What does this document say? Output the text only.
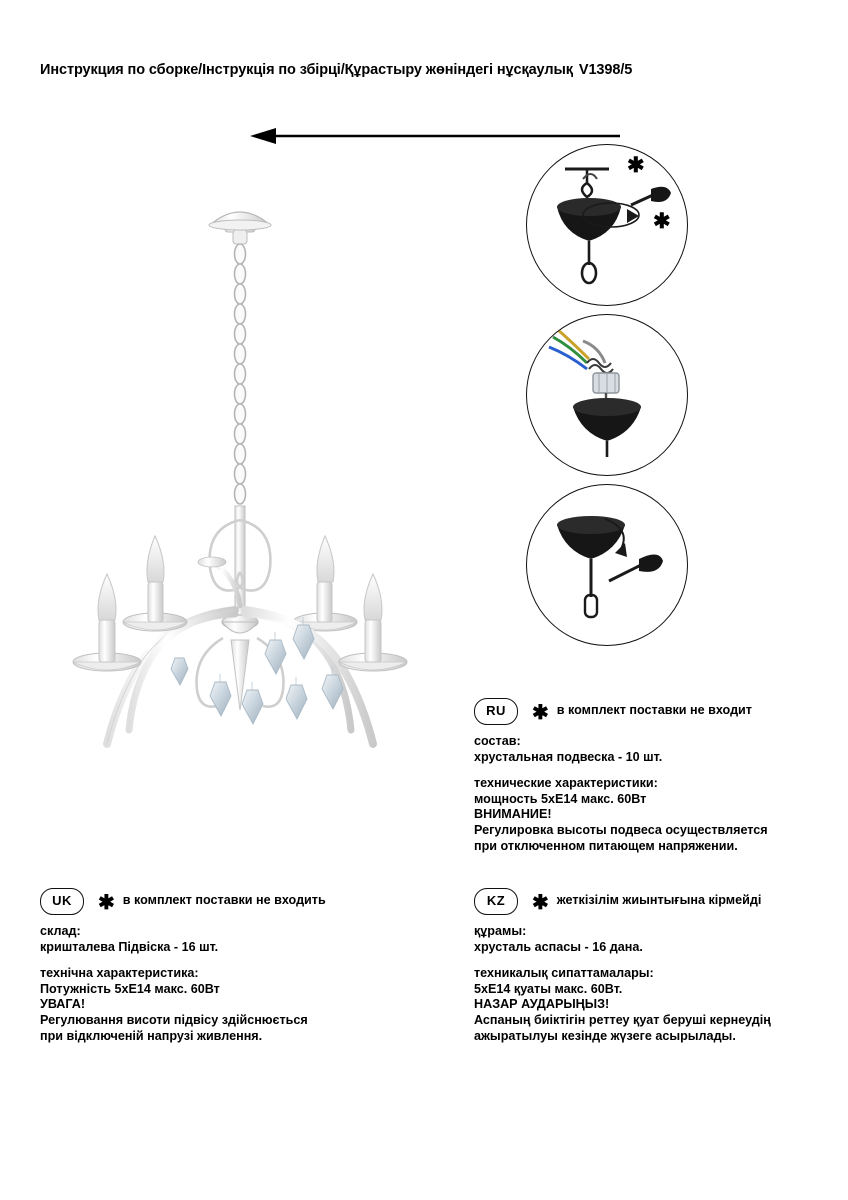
Инструкция по сборке/Інструкція по збірці/Құрастыру жөніндегі нұсқаулық V1398/5
✱
✱
RU	✱ в комплект поставки не входит

состав:

хрустальная подвеска - 10 шт.

технические характеристики:

мощность 5хЕ14 макс. 60Вт

ВНИМАНИЕ!

Регулировка высоты подвеса осуществляется

при отключенном питающем напряжении.

UK	✱ в комплект поставки не входить

склад:

кришталева Підвіска - 16 шт.

технічна характеристика:

Потужність 5хЕ14 макс. 60Вт

УВАГА!

Регулювання висоти підвісу здійснюється

при відключеній напрузі живлення.

KZ	✱ жеткізілім жиынтығына кірмейді

құрамы:

хрусталь аспасы - 16 дана.

техникалық сипаттамалары:

5хЕ14 қуаты макс. 60Вт.

НАЗАР АУДАРЫҢЫЗ!

Аспаның биіктігін реттеу қуат беруші кернеудің

ажыратылуы кезінде жүзеге асырылады.
